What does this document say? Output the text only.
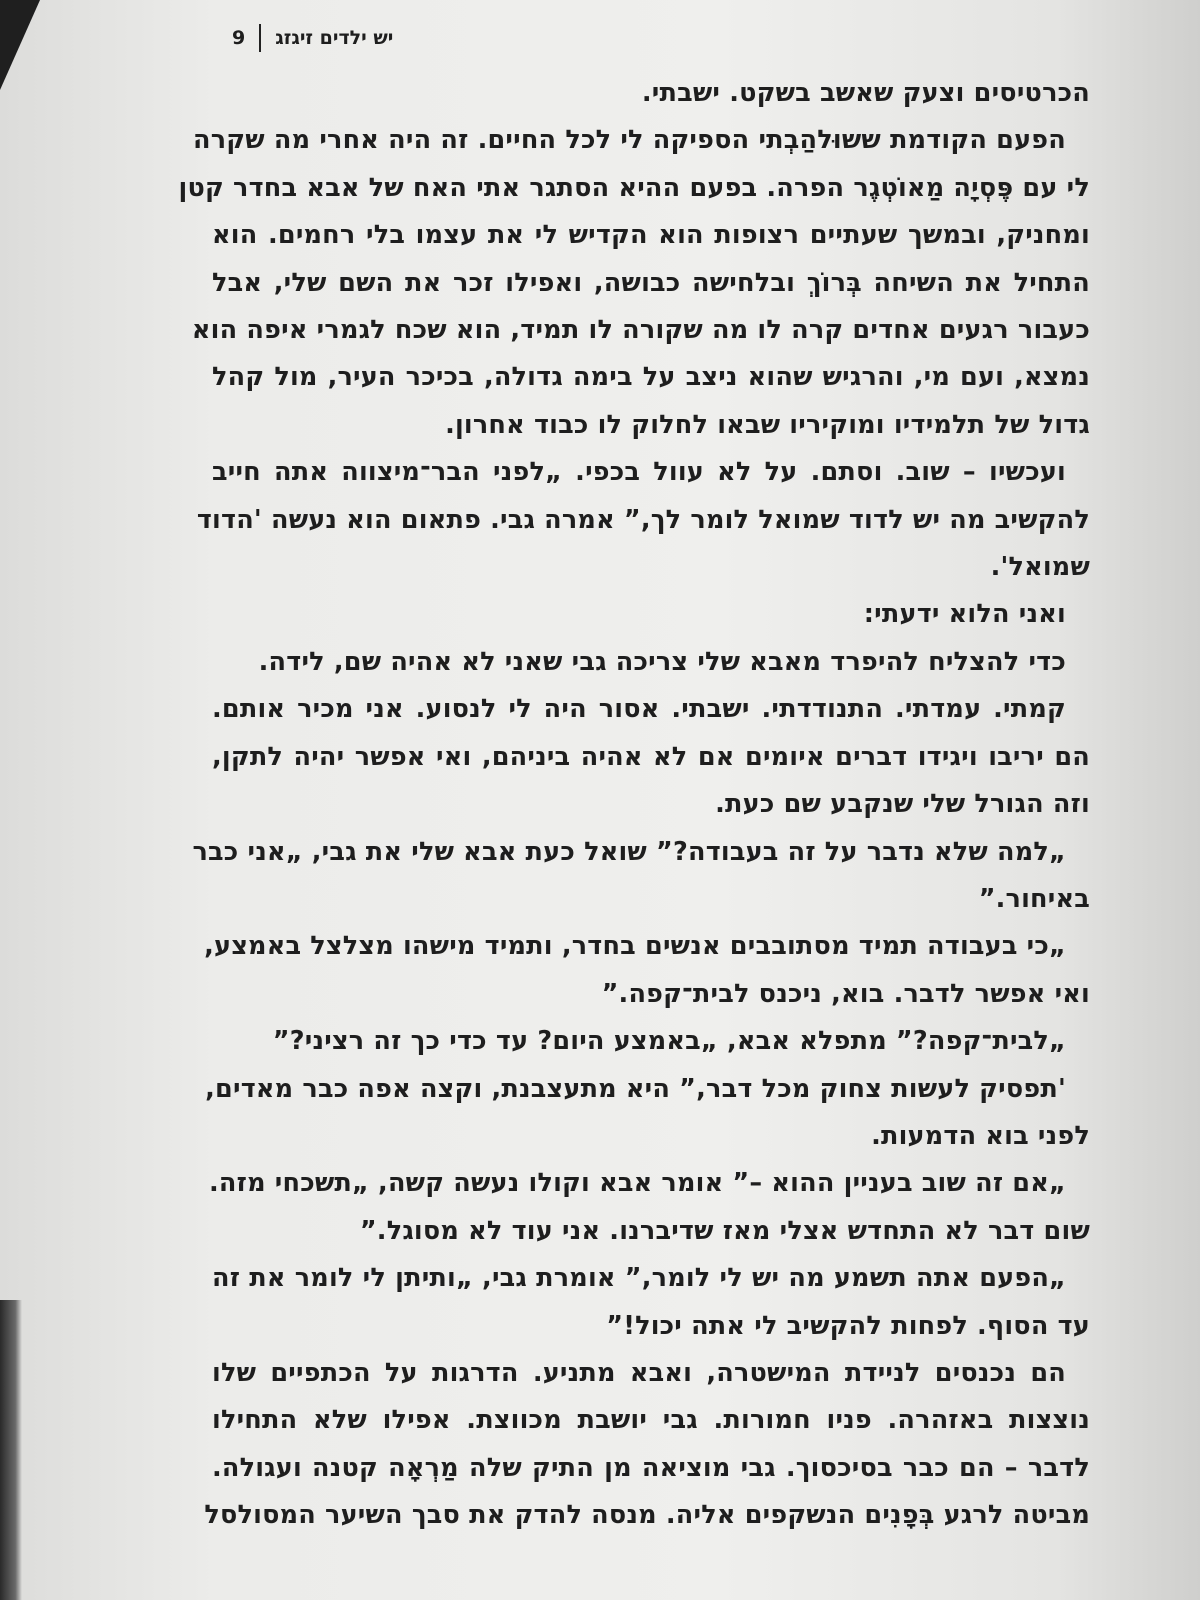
9 יש ילדים זיגזג
הכרטיסים וצעק שאשב בשקט. ישבתי.
הפעם הקודמת ששוּלהַבְתי הספיקה לי לכל החיים. זה היה אחרי מה שקרה
לי עם פֶּסְיָה מַאוֹטְגֶר הפרה. בפעם ההיא הסתגר אתי האח של אבא בחדר קטן
ומחניק, ובמשך שעתיים רצופות הוא הקדיש לי את עצמו בלי רחמים. הוא
התחיל את השיחה בְּרוֹךְ ובלחישה כבושה, ואפילו זכר את השם שלי, אבל
כעבור רגעים אחדים קרה לו מה שקורה לו תמיד, הוא שכח לגמרי איפה הוא
נמצא, ועם מי, והרגיש שהוא ניצב על בימה גדולה, בכיכר העיר, מול קהל
גדול של תלמידיו ומוקיריו שבאו לחלוק לו כבוד אחרון.
ועכשיו – שוב. וסתם. על לא עוול בכפי. „לפני הבר־מיצווה אתה חייב
להקשיב מה יש לדוד שמואל לומר לך,” אמרה גבי. פתאום הוא נעשה 'הדוד
שמואל'.
ואני הלוא ידעתי:
כדי להצליח להיפרד מאבא שלי צריכה גבי שאני לא אהיה שם, לידה.
קמתי. עמדתי. התנודדתי. ישבתי. אסור היה לי לנסוע. אני מכיר אותם.
הם יריבו ויגידו דברים איומים אם לא אהיה ביניהם, ואי אפשר יהיה לתקן,
וזה הגורל שלי שנקבע שם כעת.
„למה שלא נדבר על זה בעבודה?” שואל כעת אבא שלי את גבי, „אני כבר
באיחור.”
„כי בעבודה תמיד מסתובבים אנשים בחדר, ותמיד מישהו מצלצל באמצע,
ואי אפשר לדבר. בוא, ניכנס לבית־קפה.”
„לבית־קפה?” מתפלא אבא, „באמצע היום? עד כדי כך זה רציני?”
'תפסיק לעשות צחוק מכל דבר,” היא מתעצבנת, וקצה אפה כבר מאדים,
לפני בוא הדמעות.
„אם זה שוב בעניין ההוא –” אומר אבא וקולו נעשה קשה, „תשכחי מזה.
שום דבר לא התחדש אצלי מאז שדיברנו. אני עוד לא מסוגל.”
„הפעם אתה תשמע מה יש לי לומר,” אומרת גבי, „ותיתן לי לומר את זה
עד הסוף. לפחות להקשיב לי אתה יכול!”
הם נכנסים לניידת המישטרה, ואבא מתניע. הדרגות על הכתפיים שלו
נוצצות באזהרה. פניו חמורות. גבי יושבת מכווצת. אפילו שלא התחילו
לדבר – הם כבר בסיכסוך. גבי מוציאה מן התיק שלה מַרְאָה קטנה ועגולה.
מביטה לרגע בְּפָנִים הנשקפים אליה. מנסה להדק את סבך השיער המסולסל
